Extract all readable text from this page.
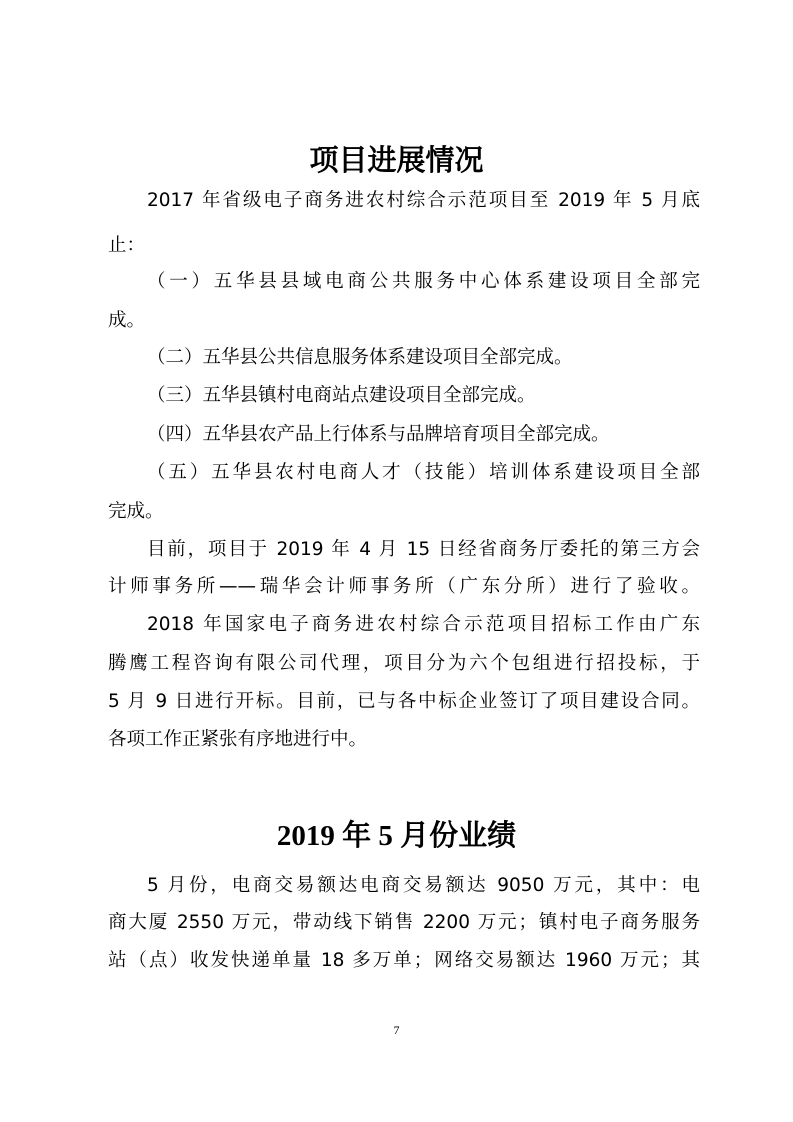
项目进展情况

2017 年省级电子商务进农村综合示范项目至 2019 年 5 月底

止：

（一）五华县县域电商公共服务中心体系建设项目全部完

成。

（二）五华县公共信息服务体系建设项目全部完成。

（三）五华县镇村电商站点建设项目全部完成。

（四）五华县农产品上行体系与品牌培育项目全部完成。

（五）五华县农村电商人才（技能）培训体系建设项目全部

完成。

目前，项目于 2019 年 4 月 15 日经省商务厅委托的第三方会

计师事务所——瑞华会计师事务所（广东分所）进行了验收。

2018 年国家电子商务进农村综合示范项目招标工作由广东

腾鹰工程咨询有限公司代理，项目分为六个包组进行招投标，于

5 月 9 日进行开标。目前，已与各中标企业签订了项目建设合同。

各项工作正紧张有序地进行中。

2019 年 5 月份业绩

5 月份，电商交易额达电商交易额达 9050 万元，其中：电

商大厦 2550 万元，带动线下销售 2200 万元；镇村电子商务服务

站（点）收发快递单量 18 多万单；网络交易额达 1960 万元；其

7
